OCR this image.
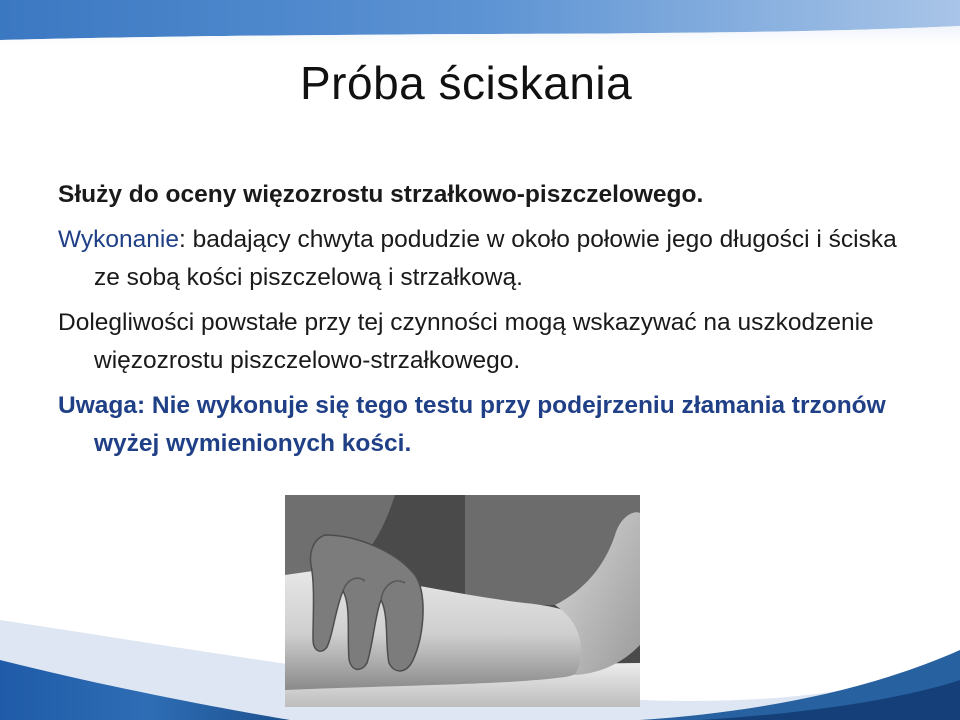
Próba ściskania

Służy do oceny więzozrostu strzałkowo-piszczelowego.

Wykonanie: badający chwyta podudzie w około połowie jego długości i ściska ze sobą kości piszczelową i strzałkową.

Dolegliwości powstałe przy tej czynności mogą wskazywać na uszkodzenie więzozrostu piszczelowo-strzałkowego.

Uwaga: Nie wykonuje się tego testu przy podejrzeniu złamania trzonów wyżej wymienionych kości.
